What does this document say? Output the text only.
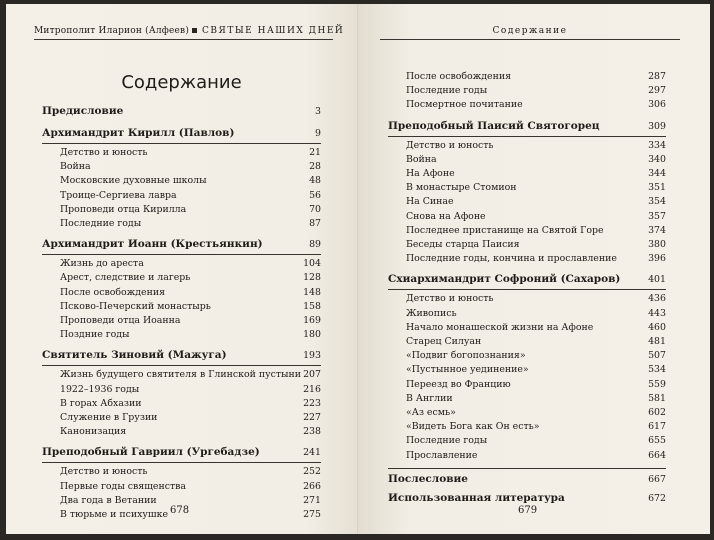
Митрополит Иларион (Алфеев) СВЯТЫЕ НАШИХ ДНЕЙ
Содержание
Предисловие	3
Архимандрит Кирилл (Павлов)	9
Детство и юность	21
Война	28
Московские духовные школы	48
Троице-Сергиева лавра	56
Проповеди отца Кирилла	70
Последние годы	87
Архимандрит Иоанн (Крестьянкин)	89
Жизнь до ареста	104
Арест, следствие и лагерь	128
После освобождения	148
Псково-Печерский монастырь	158
Проповеди отца Иоанна	169
Поздние годы	180
Святитель Зиновий (Мажуга)	193
Жизнь будущего святителя в Глинской пустыни 207
1922–1936 годы	216
В горах Абхазии	223
Служение в Грузии	227
Канонизация	238
Преподобный Гавриил (Ургебадзе)	241
Детство и юность	252
Первые годы священства	266
Два года в Ветании	271
В тюрьме и психушке	275
678
Содержание
После освобождения	287
Последние годы	297
Посмертное почитание	306
Преподобный Паисий Святогорец	309
Детство и юность	334
Война	340
На Афоне	344
В монастыре Стомион	351
На Синае	354
Снова на Афоне	357
Последнее пристанище на Святой Горе	374
Беседы старца Паисия	380
Последние годы, кончина и прославление	396
Схиархимандрит Софроний (Сахаров)	401
Детство и юность	436
Живопись	443
Начало монашеской жизни на Афоне	460
Старец Силуан	481
«Подвиг богопознания»	507
«Пустынное уединение»	534
Переезд во Францию	559
В Англии	581
«Аз есмь»	602
«Видеть Бога как Он есть»	617
Последние годы	655
Прославление	664
Послесловие	667
Использованная литература	672
679
